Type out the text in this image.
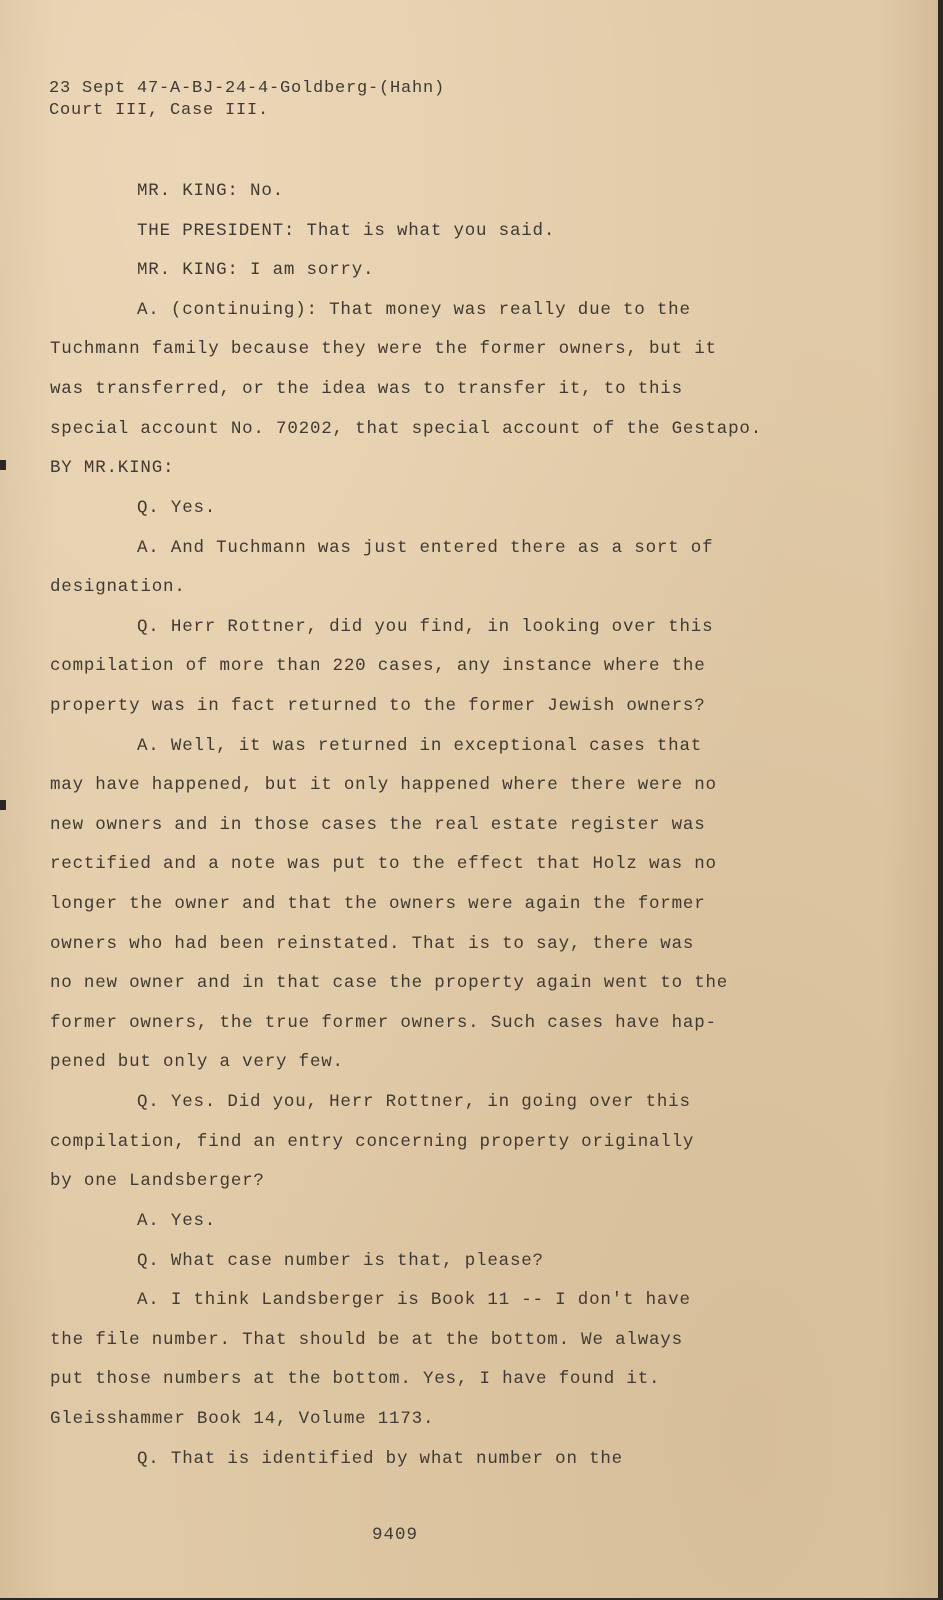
23 Sept 47-A-BJ-24-4-Goldberg-(Hahn)
Court III, Case III.
MR. KING: No.
THE PRESIDENT: That is what you said.
MR. KING: I am sorry.
A. (continuing): That money was really due to the
Tuchmann family because they were the former owners, but it
was transferred, or the idea was to transfer it, to this
special account No. 70202, that special account of the Gestapo.
BY MR.KING:
Q. Yes.
A. And Tuchmann was just entered there as a sort of
designation.
Q. Herr Rottner, did you find, in looking over this
compilation of more than 220 cases, any instance where the
property was in fact returned to the former Jewish owners?
A. Well, it was returned in exceptional cases that
may have happened, but it only happened where there were no
new owners and in those cases the real estate register was
rectified and a note was put to the effect that Holz was no
longer the owner and that the owners were again the former
owners who had been reinstated. That is to say, there was
no new owner and in that case the property again went to the
former owners, the true former owners. Such cases have hap-
pened but only a very few.
Q. Yes. Did you, Herr Rottner, in going over this
compilation, find an entry concerning property originally
by one Landsberger?
A. Yes.
Q. What case number is that, please?
A. I think Landsberger is Book 11 -- I don't have
the file number. That should be at the bottom. We always
put those numbers at the bottom. Yes, I have found it.
Gleisshammer Book 14, Volume 1173.
Q. That is identified by what number on the
9409
